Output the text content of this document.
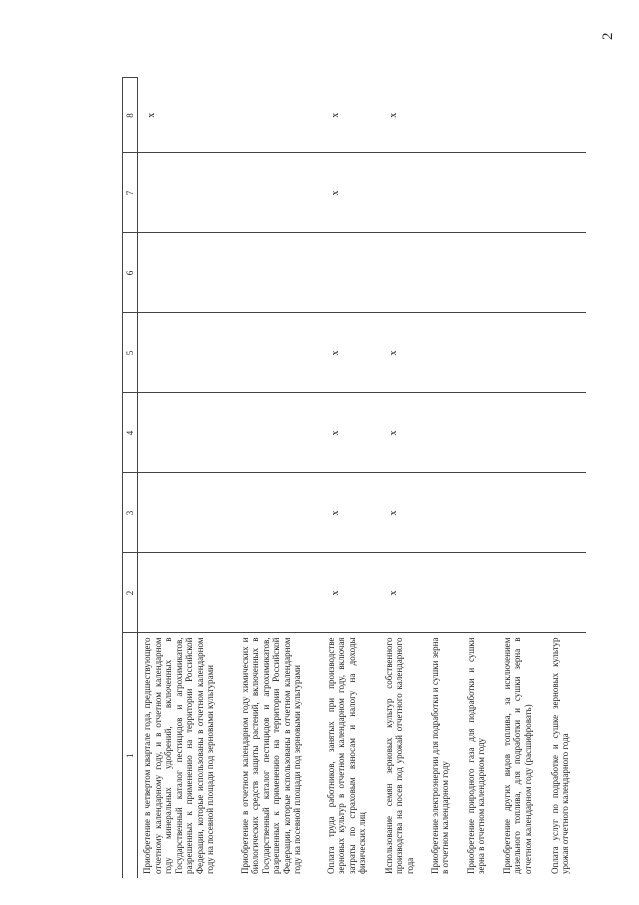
2
1	2	3	4	5	6	7	8
Приобретение в четвертом квартале года, предшествующего отчетному календарному году, и в отчетном календарном году минеральных удобрений, включенных в Государственный каталог пестицидов и агрохимикатов, разрешенных к применению на территории Российской Федерации, которые использованы в отчетном календарном году на посевной площади под зерновыми культурами							x
Приобретение в отчетном календарном году химических и биологических средств защиты растений, включенных в Государственный каталог пестицидов и агрохимикатов, разрешенных к применению на территории Российской Федерации, которые использованы в отчетном календарном году на посевной площади под зерновыми культурами							
Оплата труда работников, занятых при производстве зерновых культур в отчетном календарном году, включая затраты по страховым взносам и налогу на доходы физических лиц	x	x	x	x		x	x
Использование семян зерновых культур собственного производства на посев под урожай отчетного календарного года	x	x	x	x			x
Приобретение электроэнергии для подработки и сушки зерна в отчетном календарном году							
Приобретение природного газа для подработки и сушки зерна в отчетном календарном году							
Приобретение других видов топлива, за исключением дизельного топлива, для подработки и сушки зерна в отчетном календарном году (расшифровать)							
Оплата услуг по подработке и сушке зерновых культур урожая отчетного календарного года							
